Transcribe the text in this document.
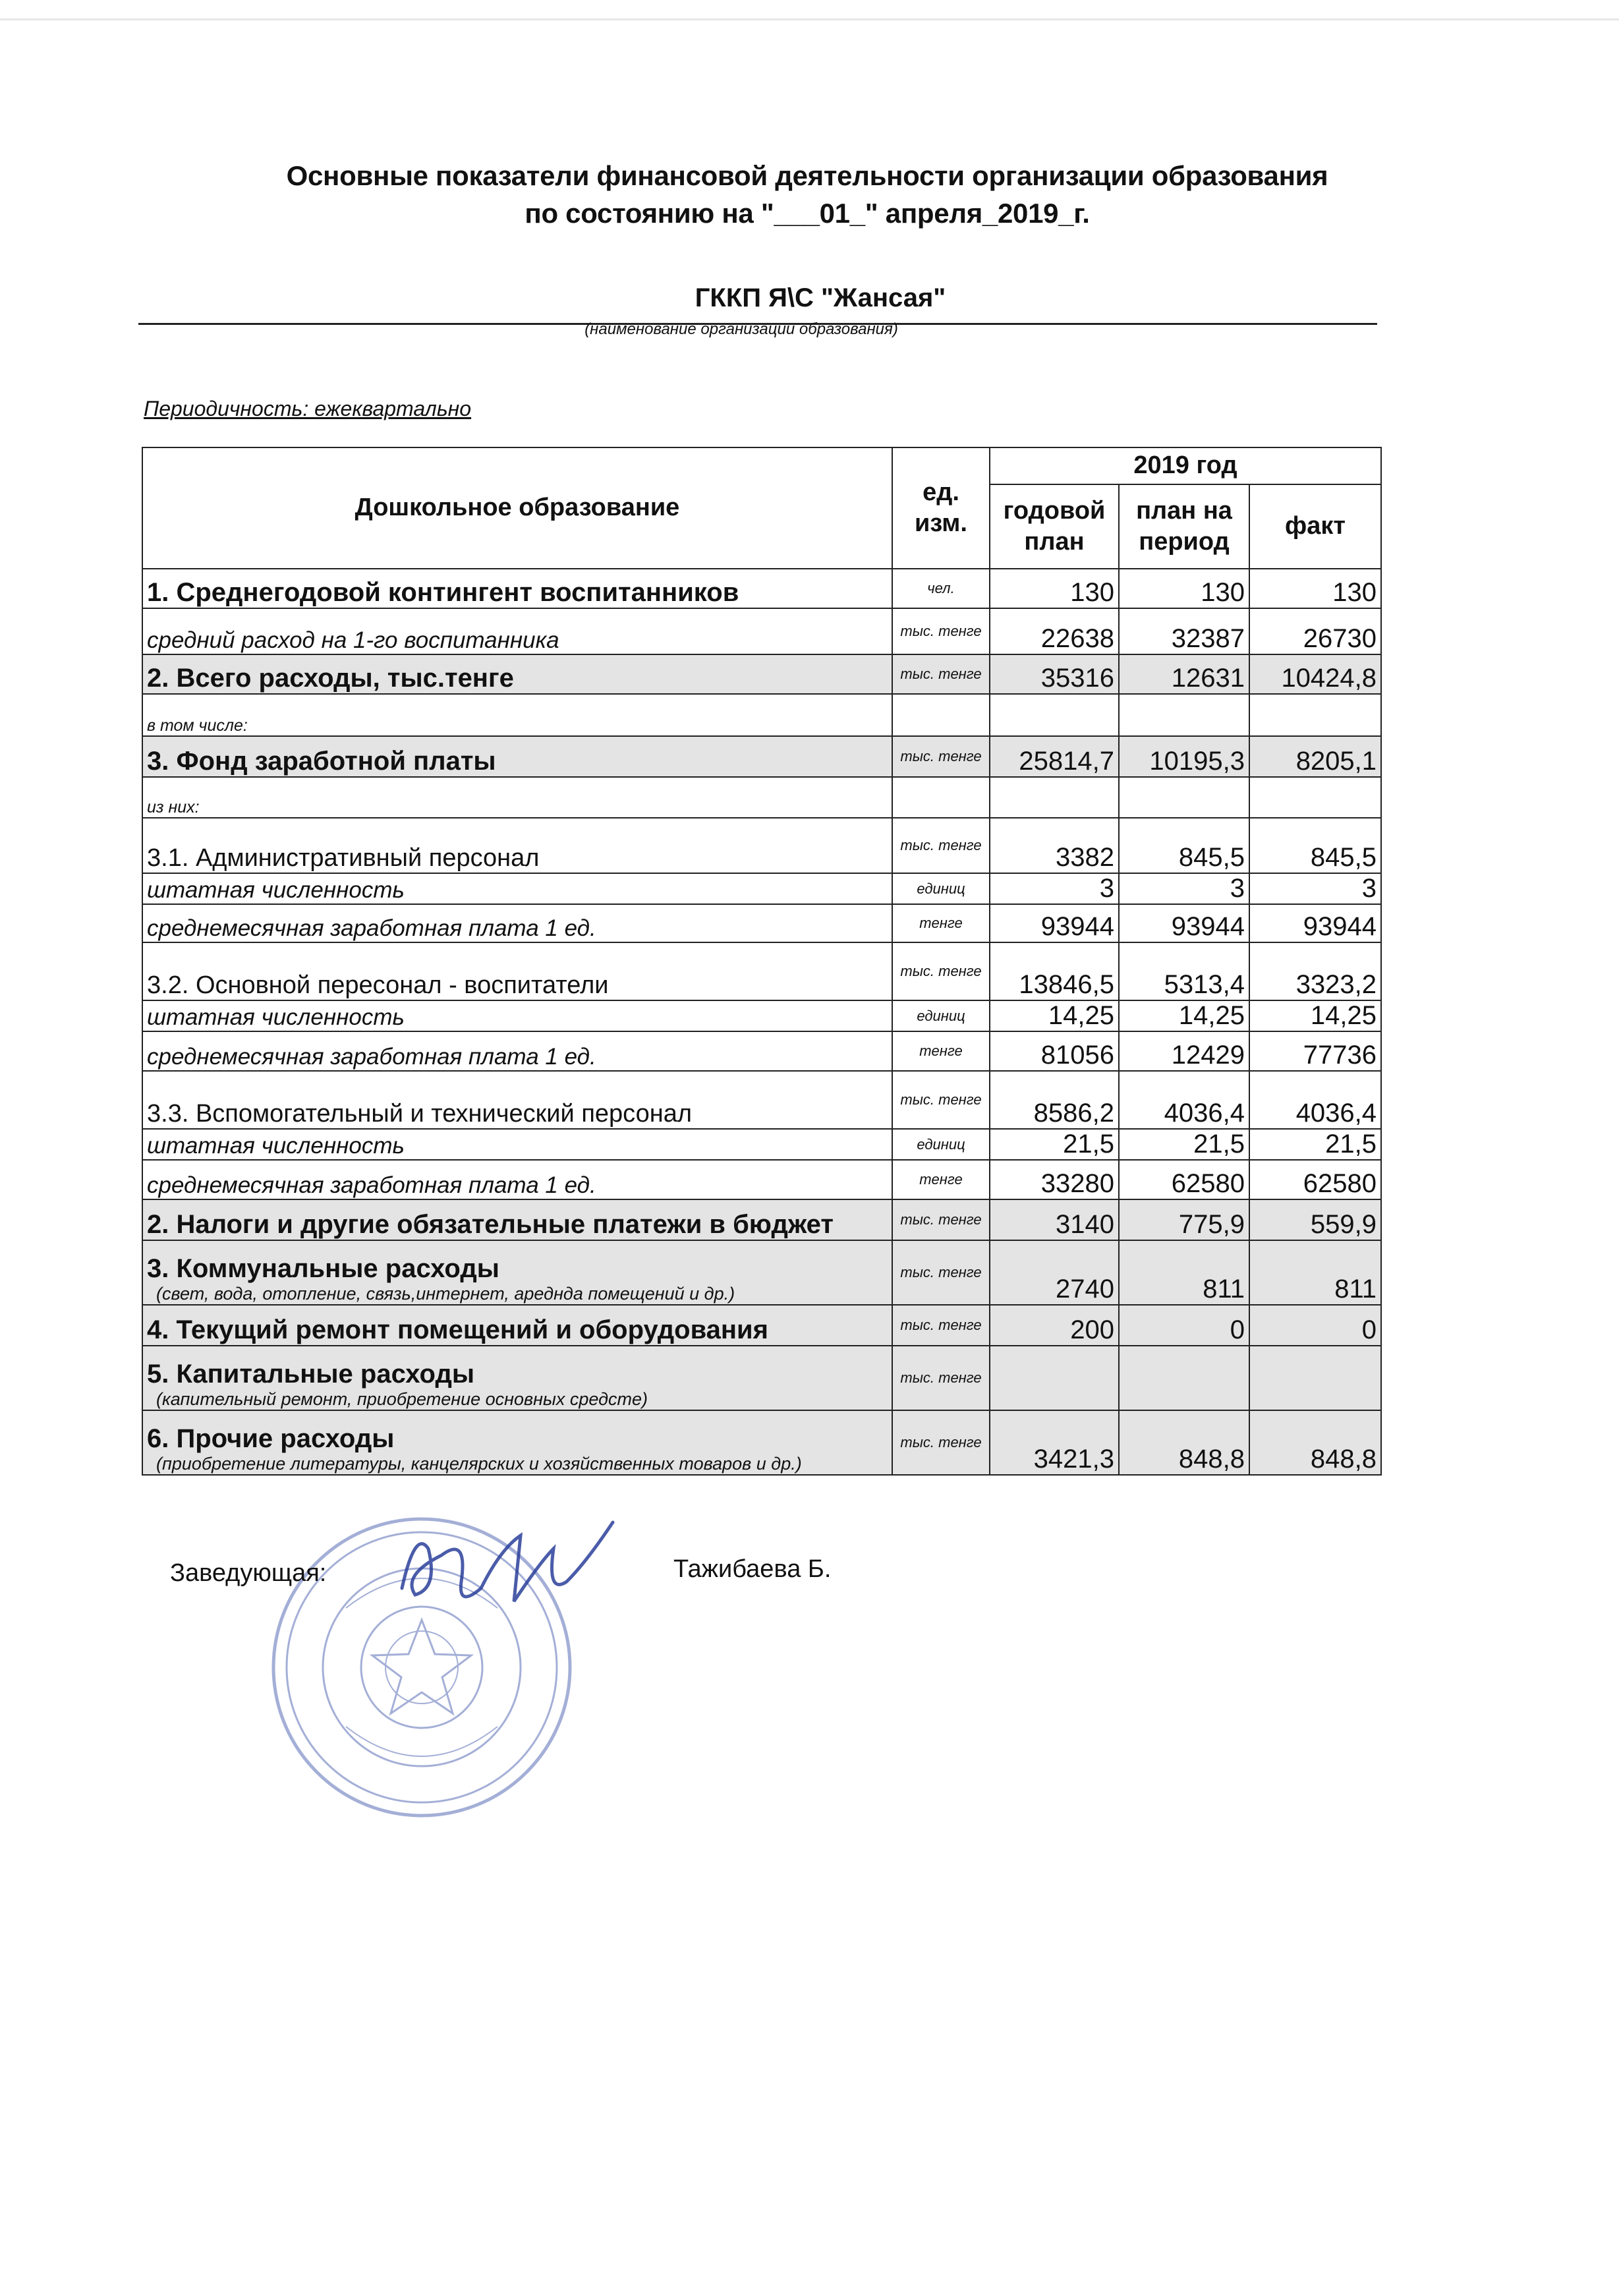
Основные показатели финансовой деятельности организации образования
по состоянию на "___01_" апреля_2019_г.
ГККП Я\С "Жансая"
(наименование организации образования)
Периодичность: ежеквартально
Дошкольное образование	ед. изм.	2019 год		
		годовой план	план на период	факт

1. Среднегодовой контингент воспитанников	чел.	130	130	130

средний расход на 1-го воспитанника	тыс. тенге	22638	32387	26730

2. Всего расходы, тыс.тенге	тыс. тенге	35316	12631	10424,8

в том числе:				

3. Фонд заработной платы	тыс. тенге	25814,7	10195,3	8205,1

из них:				

3.1. Административный персонал	тыс. тенге	3382	845,5	845,5

штатная численность	единиц	3	3	3

среднемесячная заработная плата 1 ед.	тенге	93944	93944	93944

3.2. Основной пересонал - воспитатели	тыс. тенге	13846,5	5313,4	3323,2

штатная численность	единиц	14,25	14,25	14,25

среднемесячная заработная плата 1 ед.	тенге	81056	12429	77736

3.3. Вспомогательный и технический персонал	тыс. тенге	8586,2	4036,4	4036,4

штатная численность	единиц	21,5	21,5	21,5

среднемесячная заработная плата 1 ед.	тенге	33280	62580	62580

2. Налоги и другие обязательные платежи в бюджет	тыс. тенге	3140	775,9	559,9

3. Коммунальные расходы
(свет, вода, отопление, связь,интернет, ареднда помещений и др.)	тыс. тенге	2740	811	811

4. Текущий ремонт помещений и оборудования	тыс. тенге	200	0	0

5. Капитальные расходы
(капительный ремонт, приобретение основных средстe)	тыс. тенге			

6. Прочие расходы
(приобретение литературы, канцелярских и хозяйственных товаров и др.)	тыс. тенге	3421,3	848,8	848,8
Заведующая:	Тажибаева Б.
